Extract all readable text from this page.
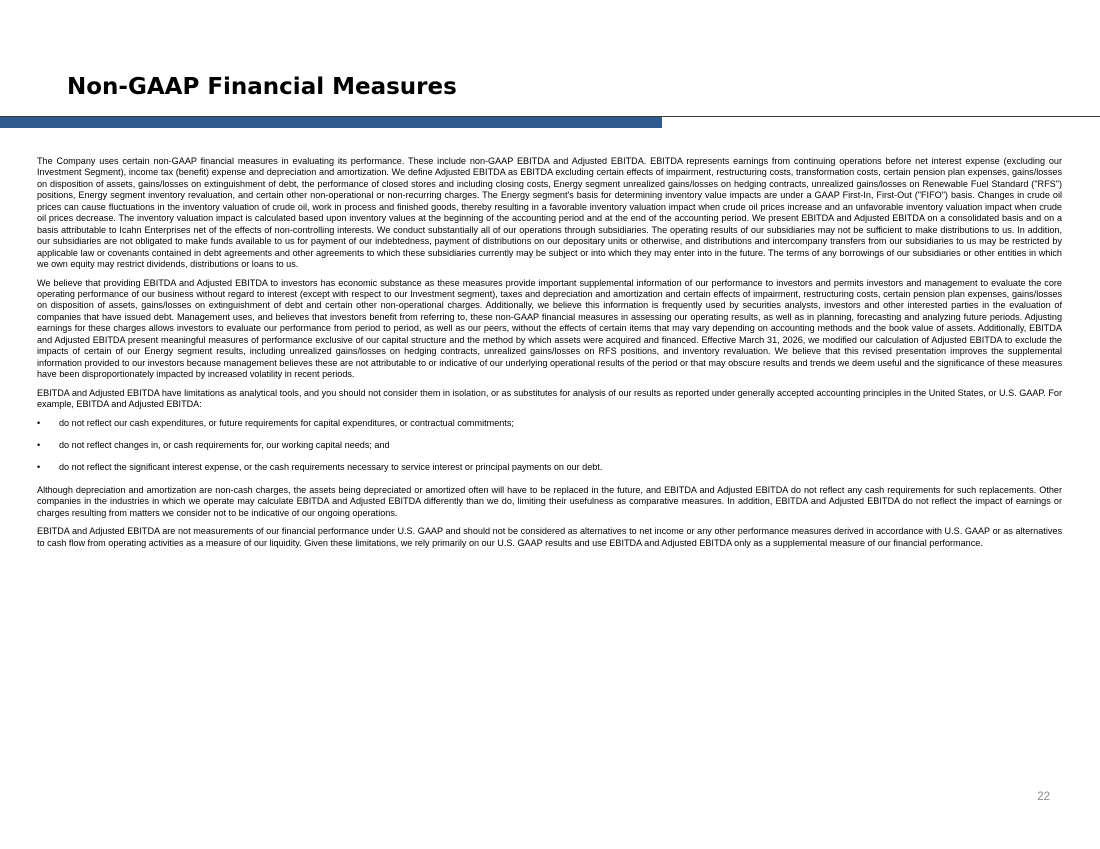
Non-GAAP Financial Measures

The Company uses certain non-GAAP financial measures in evaluating its performance. These include non-GAAP EBITDA and Adjusted EBITDA. EBITDA represents earnings from continuing operations before net interest expense (excluding our Investment Segment), income tax (benefit) expense and depreciation and amortization. We define Adjusted EBITDA as EBITDA excluding certain effects of impairment, restructuring costs, transformation costs, certain pension plan expenses, gains/losses on disposition of assets, gains/losses on extinguishment of debt, the performance of closed stores and including closing costs, Energy segment unrealized gains/losses on hedging contracts, unrealized gains/losses on Renewable Fuel Standard ("RFS") positions, Energy segment inventory revaluation, and certain other non-operational or non-recurring charges. The Energy segment's basis for determining inventory value impacts are under a GAAP First-In, First-Out ("FIFO") basis. Changes in crude oil prices can cause fluctuations in the inventory valuation of crude oil, work in process and finished goods, thereby resulting in a favorable inventory valuation impact when crude oil prices increase and an unfavorable inventory valuation impact when crude oil prices decrease. The inventory valuation impact is calculated based upon inventory values at the beginning of the accounting period and at the end of the accounting period. We present EBITDA and Adjusted EBITDA on a consolidated basis and on a basis attributable to Icahn Enterprises net of the effects of non-controlling interests. We conduct substantially all of our operations through subsidiaries. The operating results of our subsidiaries may not be sufficient to make distributions to us. In addition, our subsidiaries are not obligated to make funds available to us for payment of our indebtedness, payment of distributions on our depositary units or otherwise, and distributions and intercompany transfers from our subsidiaries to us may be restricted by applicable law or covenants contained in debt agreements and other agreements to which these subsidiaries currently may be subject or into which they may enter into in the future. The terms of any borrowings of our subsidiaries or other entities in which we own equity may restrict dividends, distributions or loans to us.

We believe that providing EBITDA and Adjusted EBITDA to investors has economic substance as these measures provide important supplemental information of our performance to investors and permits investors and management to evaluate the core operating performance of our business without regard to interest (except with respect to our Investment segment), taxes and depreciation and amortization and certain effects of impairment, restructuring costs, certain pension plan expenses, gains/losses on disposition of assets, gains/losses on extinguishment of debt and certain other non-operational charges. Additionally, we believe this information is frequently used by securities analysts, investors and other interested parties in the evaluation of companies that have issued debt. Management uses, and believes that investors benefit from referring to, these non-GAAP financial measures in assessing our operating results, as well as in planning, forecasting and analyzing future periods. Adjusting earnings for these charges allows investors to evaluate our performance from period to period, as well as our peers, without the effects of certain items that may vary depending on accounting methods and the book value of assets. Additionally, EBITDA and Adjusted EBITDA present meaningful measures of performance exclusive of our capital structure and the method by which assets were acquired and financed. Effective March 31, 2026, we modified our calculation of Adjusted EBITDA to exclude the impacts of certain of our Energy segment results, including unrealized gains/losses on hedging contracts, unrealized gains/losses on RFS positions, and inventory revaluation. We believe that this revised presentation improves the supplemental information provided to our investors because management believes these are not attributable to or indicative of our underlying operational results of the period or that may obscure results and trends we deem useful and the significance of these measures have been disproportionately impacted by increased volatility in recent periods.

EBITDA and Adjusted EBITDA have limitations as analytical tools, and you should not consider them in isolation, or as substitutes for analysis of our results as reported under generally accepted accounting principles in the United States, or U.S. GAAP. For example, EBITDA and Adjusted EBITDA:

• do not reflect our cash expenditures, or future requirements for capital expenditures, or contractual commitments;
• do not reflect changes in, or cash requirements for, our working capital needs; and
• do not reflect the significant interest expense, or the cash requirements necessary to service interest or principal payments on our debt.

Although depreciation and amortization are non-cash charges, the assets being depreciated or amortized often will have to be replaced in the future, and EBITDA and Adjusted EBITDA do not reflect any cash requirements for such replacements. Other companies in the industries in which we operate may calculate EBITDA and Adjusted EBITDA differently than we do, limiting their usefulness as comparative measures. In addition, EBITDA and Adjusted EBITDA do not reflect the impact of earnings or charges resulting from matters we consider not to be indicative of our ongoing operations.

EBITDA and Adjusted EBITDA are not measurements of our financial performance under U.S. GAAP and should not be considered as alternatives to net income or any other performance measures derived in accordance with U.S. GAAP or as alternatives to cash flow from operating activities as a measure of our liquidity. Given these limitations, we rely primarily on our U.S. GAAP results and use EBITDA and Adjusted EBITDA only as a supplemental measure of our financial performance.

22
